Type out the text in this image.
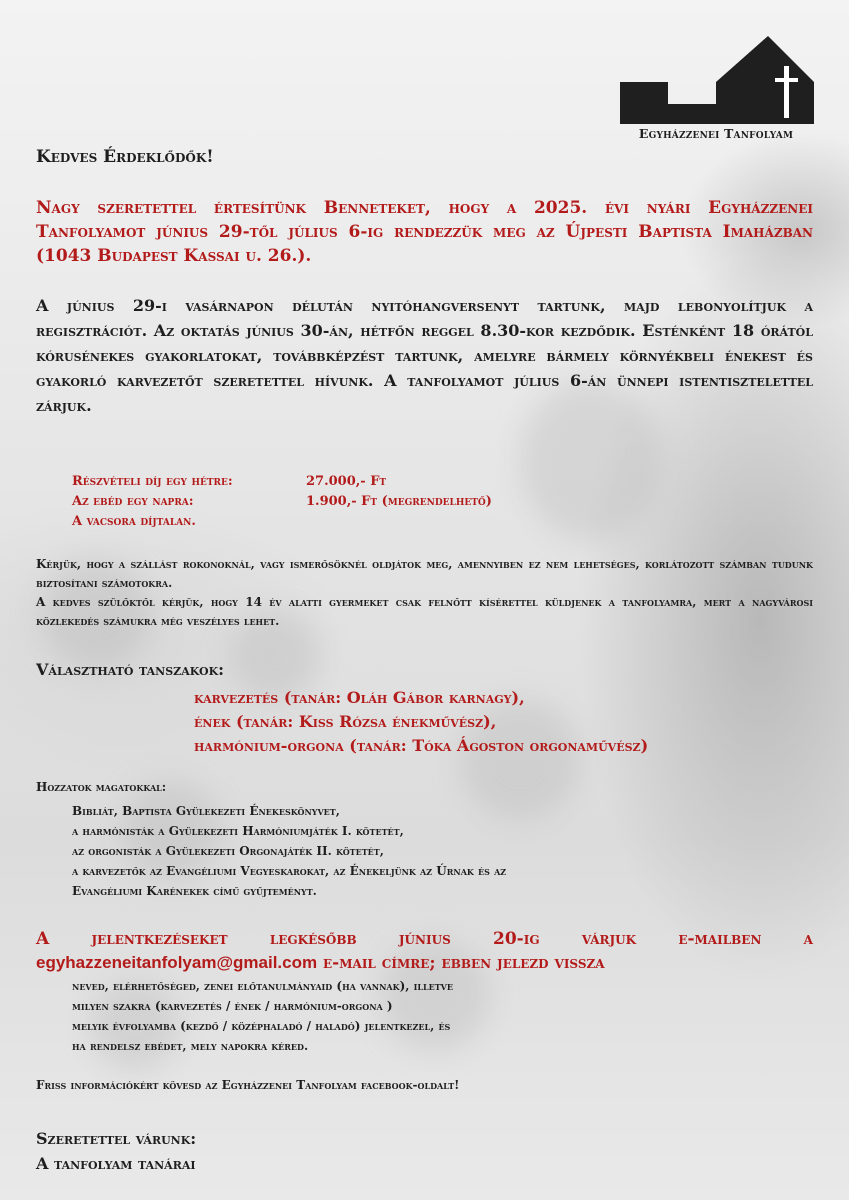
Egyházzenei Tanfolyam

Kedves Érdeklődők!

Nagy szeretettel értesítünk Benneteket, hogy a 2025. évi nyári Egyházzenei Tanfolyamot június 29-től július 6-ig rendezzük meg az Újpesti Baptista Imaházban (1043 Budapest Kassai u. 26.).

A június 29-i vasárnapon délután nyitóhangversenyt tartunk, majd lebonyolítjuk a regisztrációt. Az oktatás június 30-án, hétfőn reggel 8.30-kor kezdődik. Esténként 18 órától kórusénekes gyakorlatokat, továbbképzést tartunk, amelyre bármely környékbeli énekest és gyakorló karvezetőt szeretettel hívunk. A tanfolyamot július 6-án ünnepi istentisztelettel zárjuk.

Részvételi díj egy hétre:	27.000,- Ft
Az ebéd egy napra:	1.900,- Ft (megrendelhető)
A vacsora díjtalan.
Kérjük, hogy a szállást rokonoknál, vagy ismerősöknél oldjátok meg, amennyiben ez nem lehetséges, korlátozott számban tudunk biztosítani számotokra.
A kedves szülőktől kérjük, hogy 14 év alatti gyermeket csak felnőtt kísérettel küldjenek a tanfolyamra, mert a nagyvárosi közlekedés számukra még veszélyes lehet.

Választható tanszakok:

karvezetés (tanár: Oláh Gábor karnagy),
ének (tanár: Kiss Rózsa énekművész),
harmónium-orgona (tanár: Tóka Ágoston orgonaművész)

Hozzatok magatokkal:

Bibliát, Baptista Gyülekezeti Énekeskönyvet,
a harmónisták a Gyülekezeti Harmóniumjáték I. kötetét,
az orgonisták a Gyülekezeti Orgonajáték II. kötetét,
a karvezetők az Evangéliumi Vegyeskarokat, az Énekeljünk az Úrnak és az
Evangéliumi Karénekek című gyűjteményt.
A jelentkezéseket legkésőbb június 20-ig várjuk e-mailben a
egyhazzeneitanfolyam@gmail.com e-mail címre; ebben jelezd vissza
neved, elérhetőséged, zenei előtanulmányaid (ha vannak), illetve
milyen szakra (karvezetés / ének / harmónium-orgona )
melyik évfolyamba (kezdő / középhaladó / haladó) jelentkezel, és
ha rendelsz ebédet, mely napokra kéred.

Friss információkért kövesd az Egyházzenei Tanfolyam facebook-oldalt!

Szeretettel várunk:
A tanfolyam tanárai
